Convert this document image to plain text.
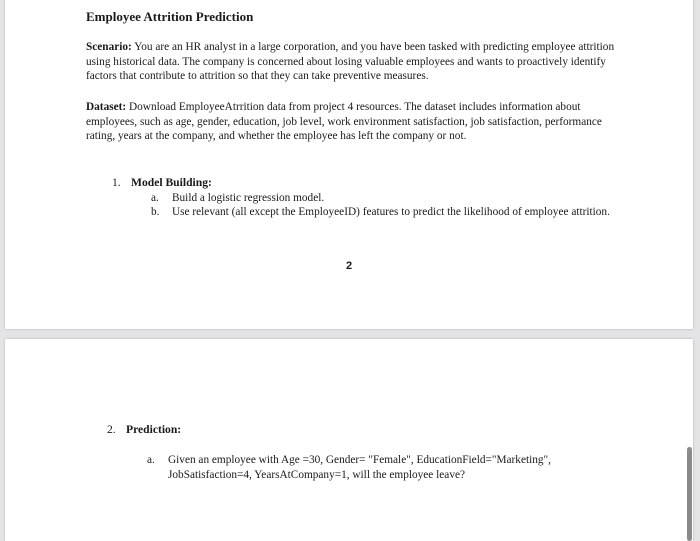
Employee Attrition Prediction
Scenario: You are an HR analyst in a large corporation, and you have been tasked with predicting employee attrition using historical data. The company is concerned about losing valuable employees and wants to proactively identify factors that contribute to attrition so that they can take preventive measures.
Dataset: Download EmployeeAtrrition data from project 4 resources. The dataset includes information about employees, such as age, gender, education, job level, work environment satisfaction, job satisfaction, performance rating, years at the company, and whether the employee has left the company or not.
1. Model Building:
a. Build a logistic regression model.
b. Use relevant (all except the EmployeeID) features to predict the likelihood of employee attrition.
2
2. Prediction:
a. Given an employee with Age =30, Gender= "Female", EducationField="Marketing", JobSatisfaction=4, YearsAtCompany=1, will the employee leave?
